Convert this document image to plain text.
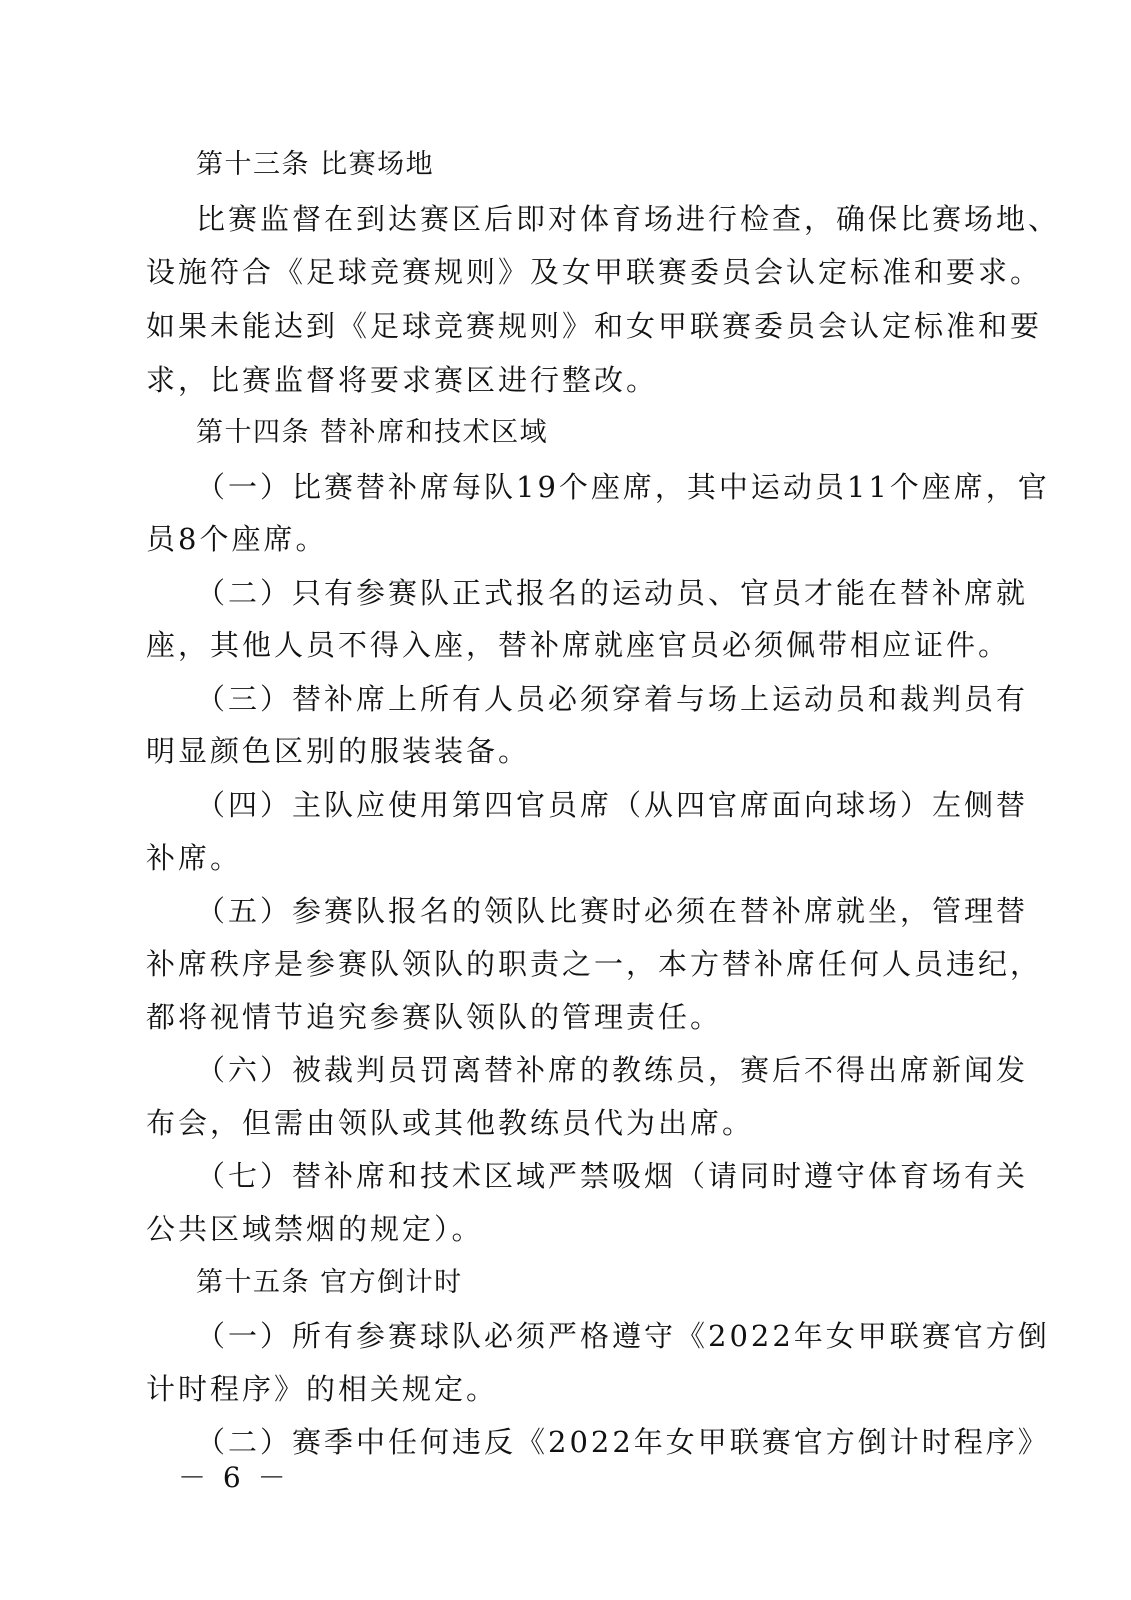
第十三条 比赛场地
比赛监督在到达赛区后即对体育场进行检查，确保比赛场地、
设施符合《足球竞赛规则》及女甲联赛委员会认定标准和要求。
如果未能达到《足球竞赛规则》和女甲联赛委员会认定标准和要
求，比赛监督将要求赛区进行整改。
第十四条 替补席和技术区域
（一）比赛替补席每队19个座席，其中运动员11个座席，官
员8个座席。
（二）只有参赛队正式报名的运动员、官员才能在替补席就
座，其他人员不得入座，替补席就座官员必须佩带相应证件。
（三）替补席上所有人员必须穿着与场上运动员和裁判员有
明显颜色区别的服装装备。
（四）主队应使用第四官员席（从四官席面向球场）左侧替
补席。
（五）参赛队报名的领队比赛时必须在替补席就坐，管理替
补席秩序是参赛队领队的职责之一，本方替补席任何人员违纪，
都将视情节追究参赛队领队的管理责任。
（六）被裁判员罚离替补席的教练员，赛后不得出席新闻发
布会，但需由领队或其他教练员代为出席。
（七）替补席和技术区域严禁吸烟（请同时遵守体育场有关
公共区域禁烟的规定）。
第十五条 官方倒计时
（一）所有参赛球队必须严格遵守《2022年女甲联赛官方倒
计时程序》的相关规定。
（二）赛季中任何违反《2022年女甲联赛官方倒计时程序》
－ 6 －
